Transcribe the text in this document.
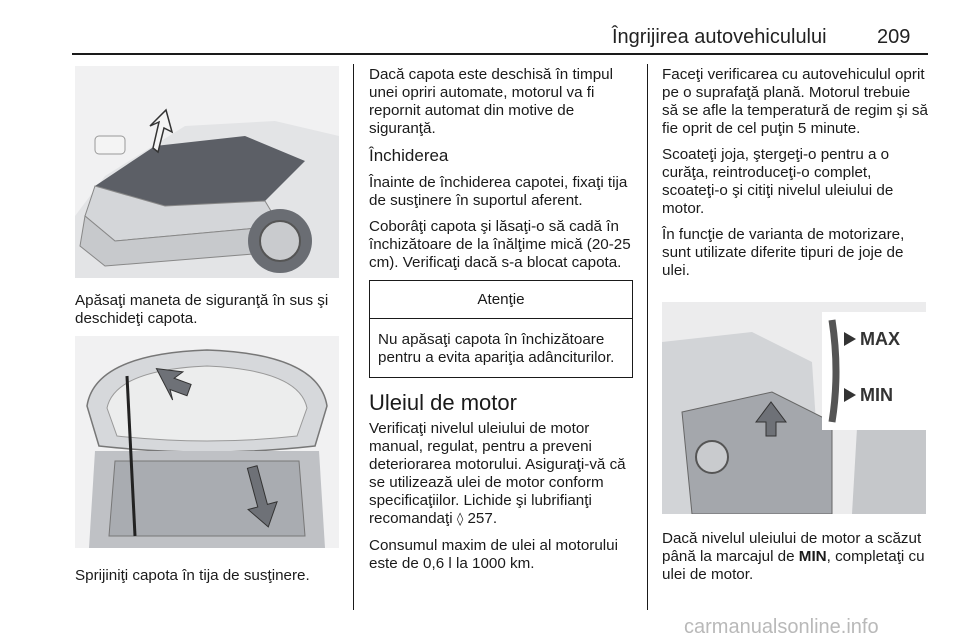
Îngrijirea autovehiculului	209
Apăsaţi maneta de siguranţă în sus şi deschideţi capota.
Sprijiniţi capota în tija de susţinere.

Dacă capota este deschisă în timpul unei opriri automate, motorul va fi repornit automat din motive de siguranţă.

Închiderea

Înainte de închiderea capotei, fixaţi tija de susţinere în suportul aferent.

Coborâţi capota şi lăsaţi-o să cadă în închizătoare de la înălţime mică (20-25 cm). Verificaţi dacă s-a blocat capota.

Atenţie
Nu apăsaţi capota în închizătoare pentru a evita apariţia adânciturilor.
Uleiul de motor

Verificaţi nivelul uleiului de motor manual, regulat, pentru a preveni deteriorarea motorului. Asiguraţi-vă că se utilizează ulei de motor conform specificaţiilor. Lichide şi lubrifianţi recomandaţi ◊ 257.

Consumul maxim de ulei al motorului este de 0,6 l la 1000 km.

Faceţi verificarea cu autovehiculul oprit pe o suprafaţă plană. Motorul trebuie să se afle la temperatură de regim şi să fie oprit de cel puţin 5 minute.

Scoateţi joja, ştergeţi-o pentru a o curăţa, reintroduceţi-o complet, scoateţi-o şi citiţi nivelul uleiului de motor.

În funcţie de varianta de motorizare, sunt utilizate diferite tipuri de joje de ulei.

MAX
MIN
Dacă nivelul uleiului de motor a scăzut până la marcajul de MIN, completaţi cu ulei de motor.
carmanualsonline.info
